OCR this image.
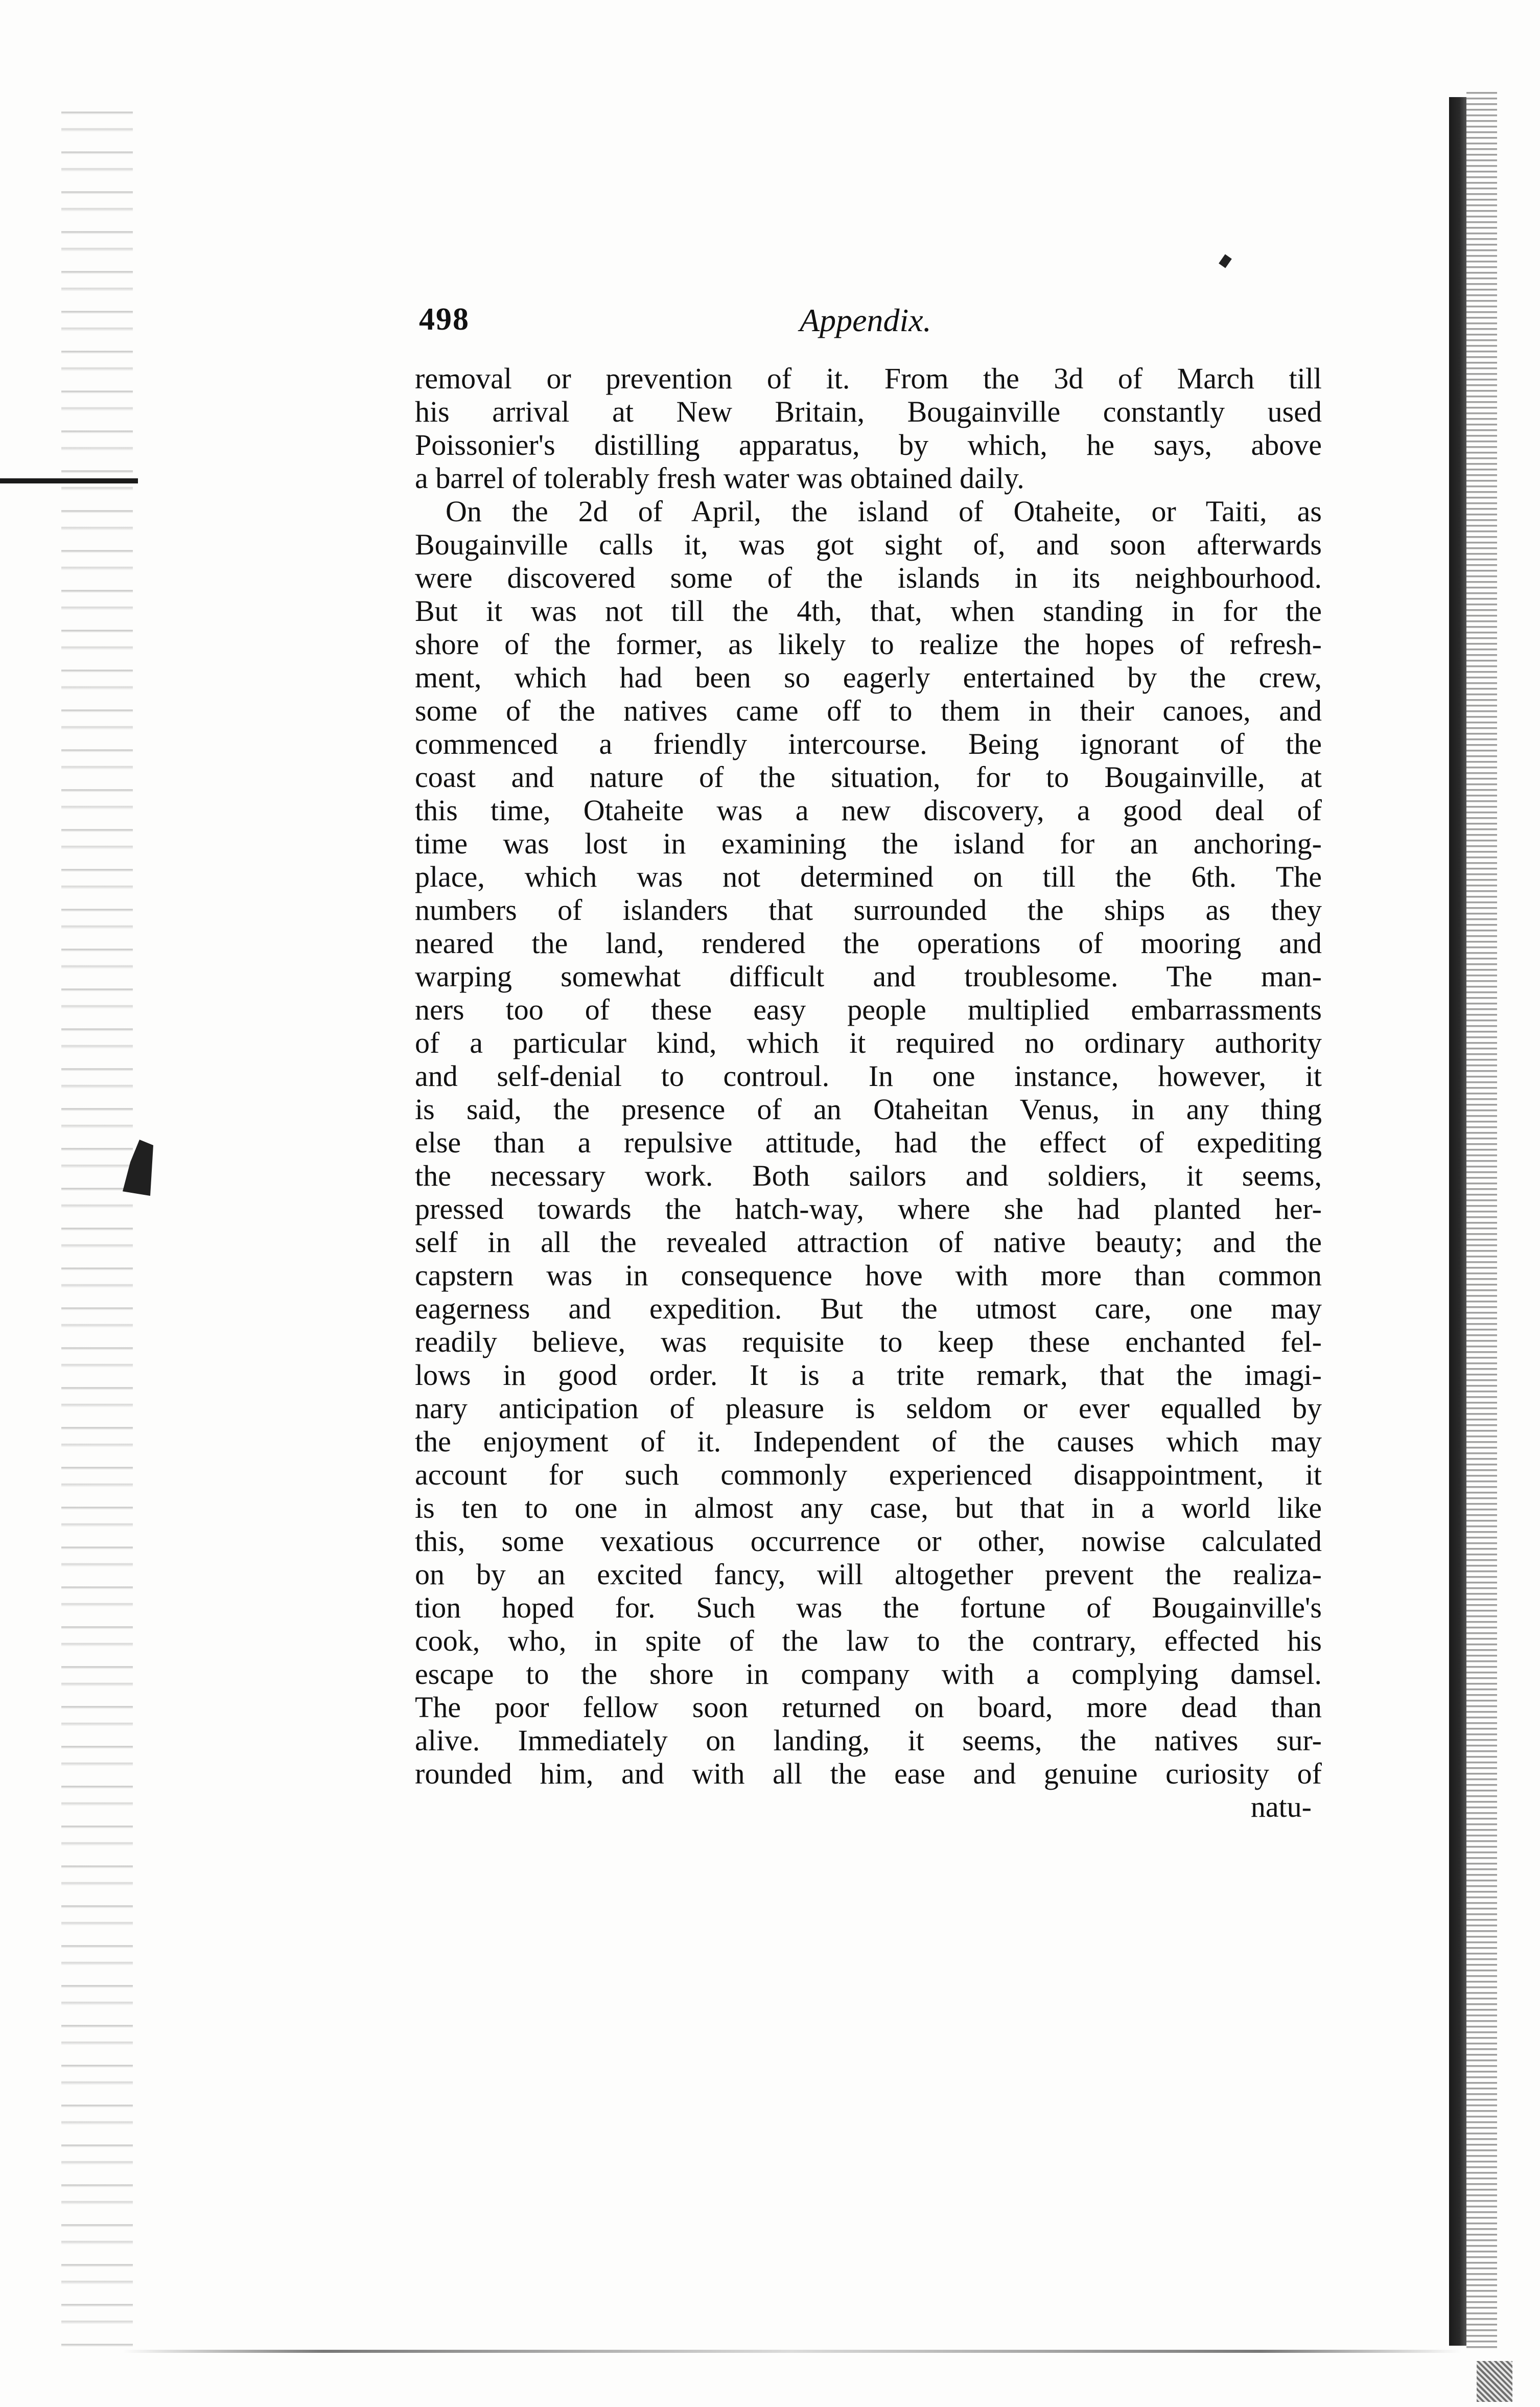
498	Appendix.
removal or prevention of it. From the 3d of March till
his arrival at New Britain, Bougainville constantly used
Poissonier's distilling apparatus, by which, he says, above
a barrel of tolerably fresh water was obtained daily.
On the 2d of April, the island of Otaheite, or Taiti, as
Bougainville calls it, was got sight of, and soon afterwards
were discovered some of the islands in its neighbourhood.
But it was not till the 4th, that, when standing in for the
shore of the former, as likely to realize the hopes of refresh-
ment, which had been so eagerly entertained by the crew,
some of the natives came off to them in their canoes, and
commenced a friendly intercourse. Being ignorant of the
coast and nature of the situation, for to Bougainville, at
this time, Otaheite was a new discovery, a good deal of
time was lost in examining the island for an anchoring-
place, which was not determined on till the 6th. The
numbers of islanders that surrounded the ships as they
neared the land, rendered the operations of mooring and
warping somewhat difficult and troublesome. The man-
ners too of these easy people multiplied embarrassments
of a particular kind, which it required no ordinary authority
and self-denial to controul. In one instance, however, it
is said, the presence of an Otaheitan Venus, in any thing
else than a repulsive attitude, had the effect of expediting
the necessary work. Both sailors and soldiers, it seems,
pressed towards the hatch-way, where she had planted her-
self in all the revealed attraction of native beauty; and the
capstern was in consequence hove with more than common
eagerness and expedition. But the utmost care, one may
readily believe, was requisite to keep these enchanted fel-
lows in good order. It is a trite remark, that the imagi-
nary anticipation of pleasure is seldom or ever equalled by
the enjoyment of it. Independent of the causes which may
account for such commonly experienced disappointment, it
is ten to one in almost any case, but that in a world like
this, some vexatious occurrence or other, nowise calculated
on by an excited fancy, will altogether prevent the realiza-
tion hoped for. Such was the fortune of Bougainville's
cook, who, in spite of the law to the contrary, effected his
escape to the shore in company with a complying damsel.
The poor fellow soon returned on board, more dead than
alive. Immediately on landing, it seems, the natives sur-
rounded him, and with all the ease and genuine curiosity of
natu-
